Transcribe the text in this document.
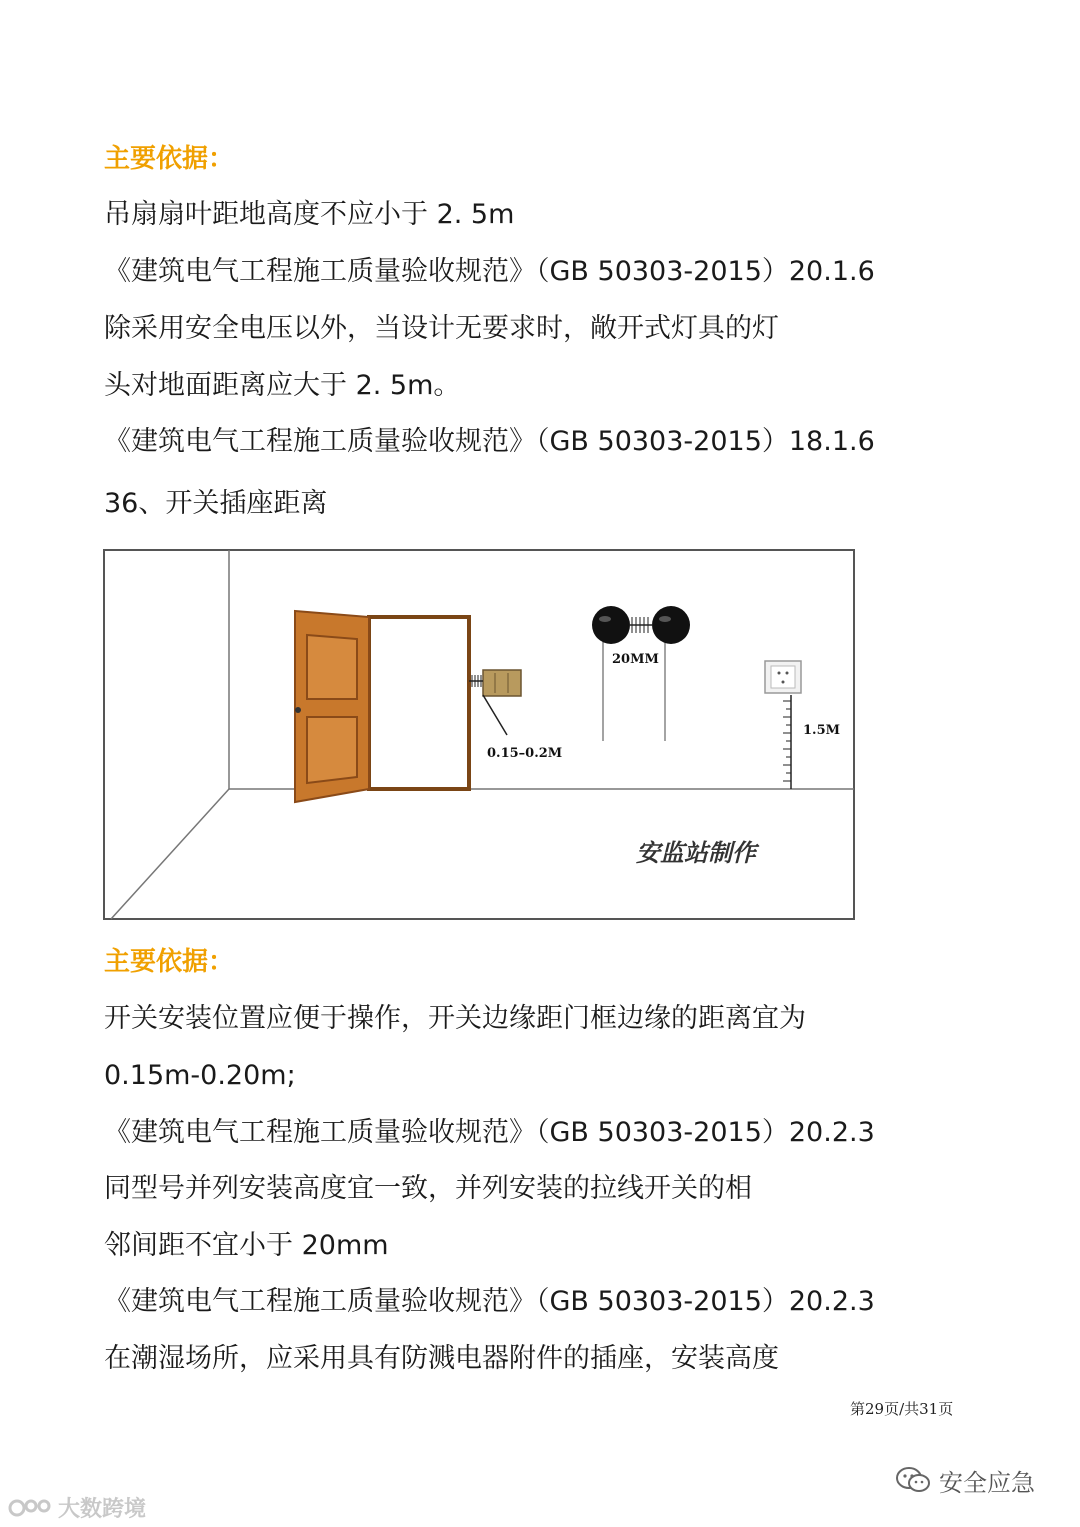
主要依据：
吊扇扇叶距地高度不应小于 2. 5m
《建筑电气工程施工质量验收规范》（GB 50303-2015）20.1.6
除采用安全电压以外，当设计无要求时，敞开式灯具的灯
头对地面距离应大于 2. 5m。
《建筑电气工程施工质量验收规范》（GB 50303-2015）18.1.6
36、开关插座距离
0.15–0.2M
20MM
1.5M
安监站制作
主要依据：
开关安装位置应便于操作，开关边缘距门框边缘的距离宜为
0.15m-0.20m;
《建筑电气工程施工质量验收规范》（GB 50303-2015）20.2.3
同型号并列安装高度宜一致，并列安装的拉线开关的相
邻间距不宜小于 20mm
《建筑电气工程施工质量验收规范》（GB 50303-2015）20.2.3
在潮湿场所，应采用具有防溅电器附件的插座，安装高度
第29页/共31页
安全应急
大数跨境
